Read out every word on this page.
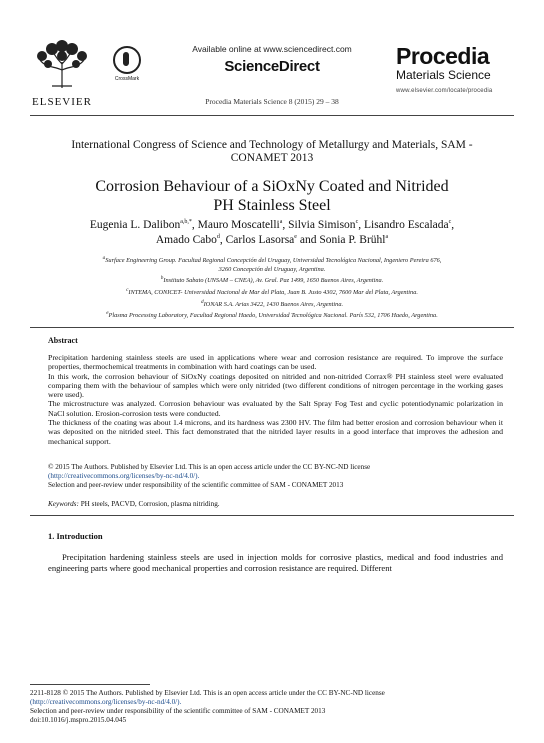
ELSEVIER
CrossMark
Available online at www.sciencedirect.com
ScienceDirect
Procedia Materials Science 8 (2015) 29 – 38
Procedia
Materials Science
www.elsevier.com/locate/procedia
International Congress of Science and Technology of Metallurgy and Materials, SAM -
CONAMET 2013
Corrosion Behaviour of a SiOxNy Coated and Nitrided
PH Stainless Steel
Eugenia L. Dalibon$^{a,b,*}$, Mauro Moscatelli$^a$, Silvia Simison$^c$, Lisandro Escalada$^c$,
Amado Cabo$^d$, Carlos Lasorsa$^e$ and Sonia P. Brühl$^a$
$^a$Surface Engineering Group. Facultad Regional Concepción del Uruguay, Universidad Tecnológica Nacional, Ingeniero Pereira 676,
3260 Concepción del Uruguay, Argentina.
$^b$Instituto Sabato (UNSAM – CNEA), Av. Gral. Paz 1499, 1650 Buenos Aires, Argentina.
$^c$INTEMA, CONICET- Universidad Nacional de Mar del Plata, Juan B. Justo 4302, 7600 Mar del Plata, Argentina.
$^d$IONAR S.A. Arias 3422, 1430 Buenos Aires, Argentina.
$^e$Plasma Processing Laboratory, Facultad Regional Haedo, Universidad Tecnológica Nacional. París 532, 1706 Haedo, Argentina.
Abstract

Precipitation hardening stainless steels are used in applications where wear and corrosion resistance are required. To improve the surface properties, thermochemical treatments in combination with hard coatings can be used.

In this work, the corrosion behaviour of SiOxNy coatings deposited on nitrided and non-nitrided Corrax® PH stainless steel were evaluated comparing them with the behaviour of samples which were only nitrided (two different conditions of nitrogen percentage in the working gases were used).

The microstructure was analyzed. Corrosion behaviour was evaluated by the Salt Spray Fog Test and cyclic potentiodynamic polarization in NaCl solution. Erosion-corrosion tests were conducted.

The thickness of the coating was about 1.4 microns, and its hardness was 2300 HV. The film had better erosion and corrosion behaviour when it was deposited on the nitrided steel. This fact demonstrated that the nitrided layer results in a good interface that improves the adhesion and mechanical support.

© 2015 The Authors. Published by Elsevier Ltd. This is an open access article under the CC BY-NC-ND license

(http://creativecommons.org/licenses/by-nc-nd/4.0/).

Selection and peer-review under responsibility of the scientific committee of SAM - CONAMET 2013

Keywords: PH steels, PACVD, Corrosion, plasma nitriding.
1. Introduction

Precipitation hardening stainless steels are used in injection molds for corrosive plastics, medical and food industries and engineering parts where good mechanical properties and corrosion resistance are required. Different

2211-8128 © 2015 The Authors. Published by Elsevier Ltd. This is an open access article under the CC BY-NC-ND license

(http://creativecommons.org/licenses/by-nc-nd/4.0/).

Selection and peer-review under responsibility of the scientific committee of SAM - CONAMET 2013

doi:10.1016/j.mspro.2015.04.045
